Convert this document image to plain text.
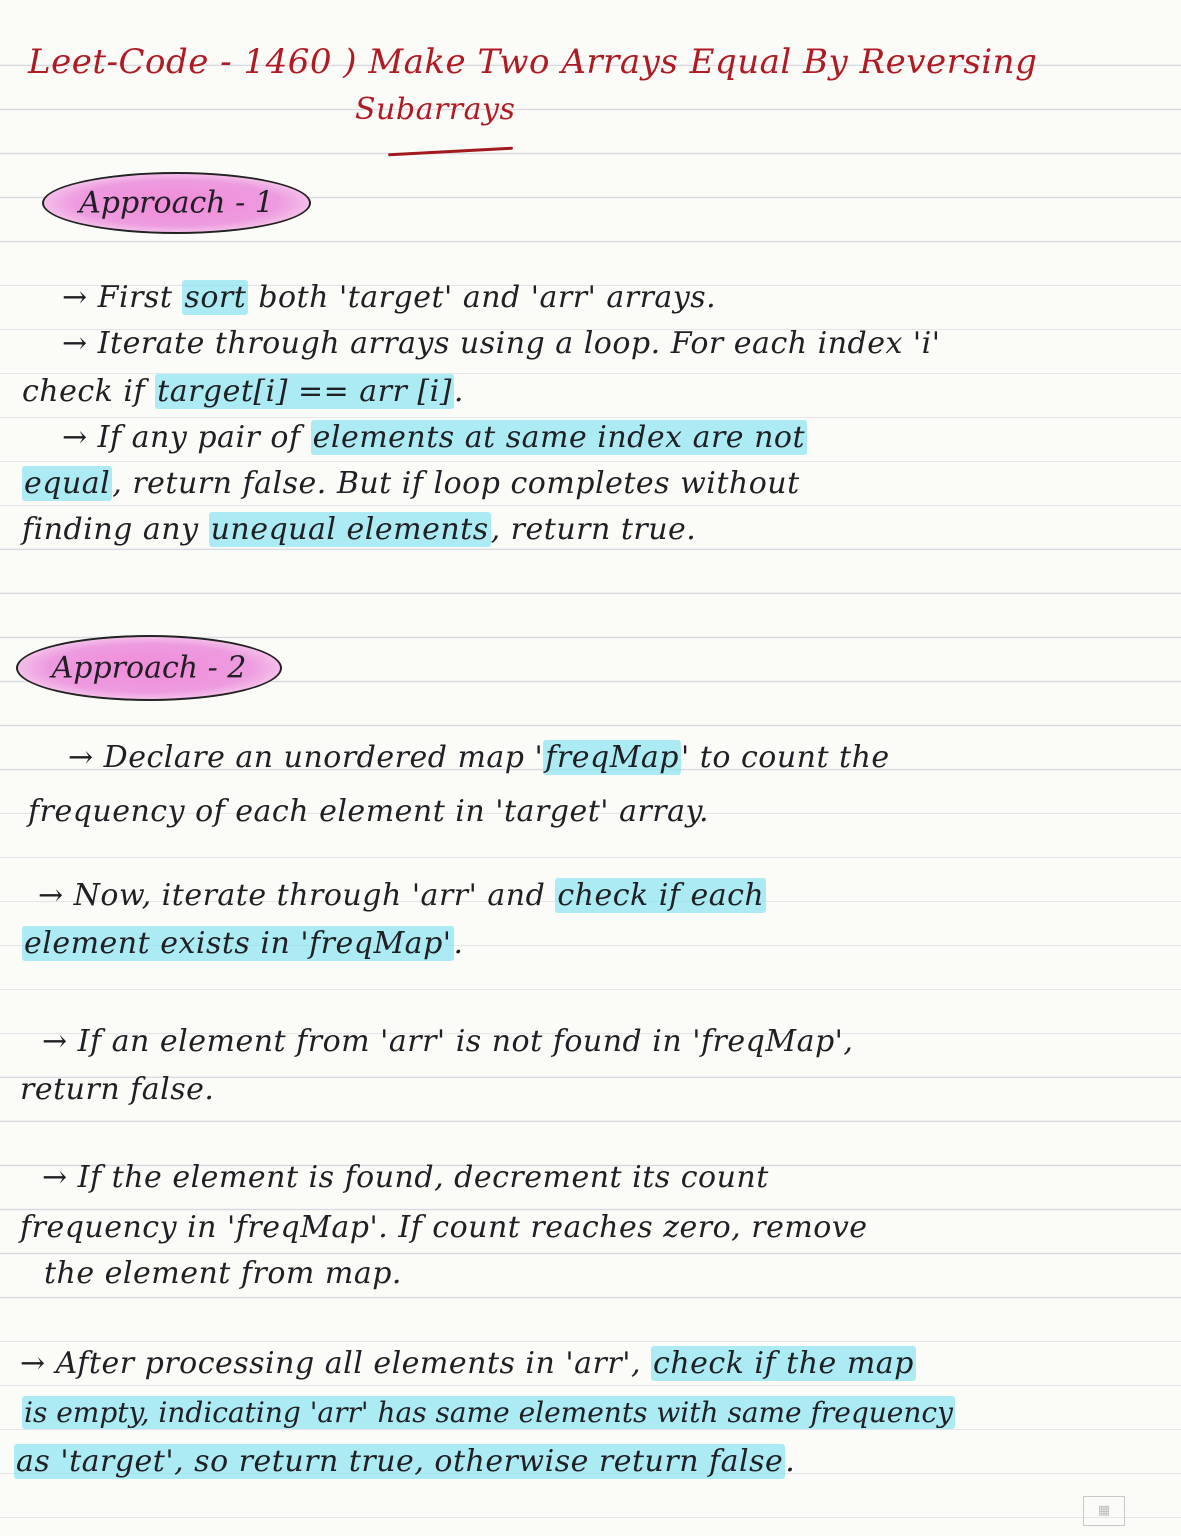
Leet-Code - 1460 ) Make Two Arrays Equal By Reversing
Subarrays
Approach - 1
→ First sort both 'target' and 'arr' arrays.
→ Iterate through arrays using a loop. For each index 'i'
check if target[i] == arr [i].
→ If any pair of elements at same index are not
equal, return false. But if loop completes without
finding any unequal elements, return true.
Approach - 2
→ Declare an unordered map 'freqMap' to count the
frequency of each element in 'target' array.
→ Now, iterate through 'arr' and check if each
element exists in 'freqMap'.
→ If an element from 'arr' is not found in 'freqMap',
return false.
→ If the element is found, decrement its count
frequency in 'freqMap'. If count reaches zero, remove
the element from map.
→ After processing all elements in 'arr', check if the map
is empty, indicating 'arr' has same elements with same frequency
as 'target', so return true, otherwise return false.
▦
